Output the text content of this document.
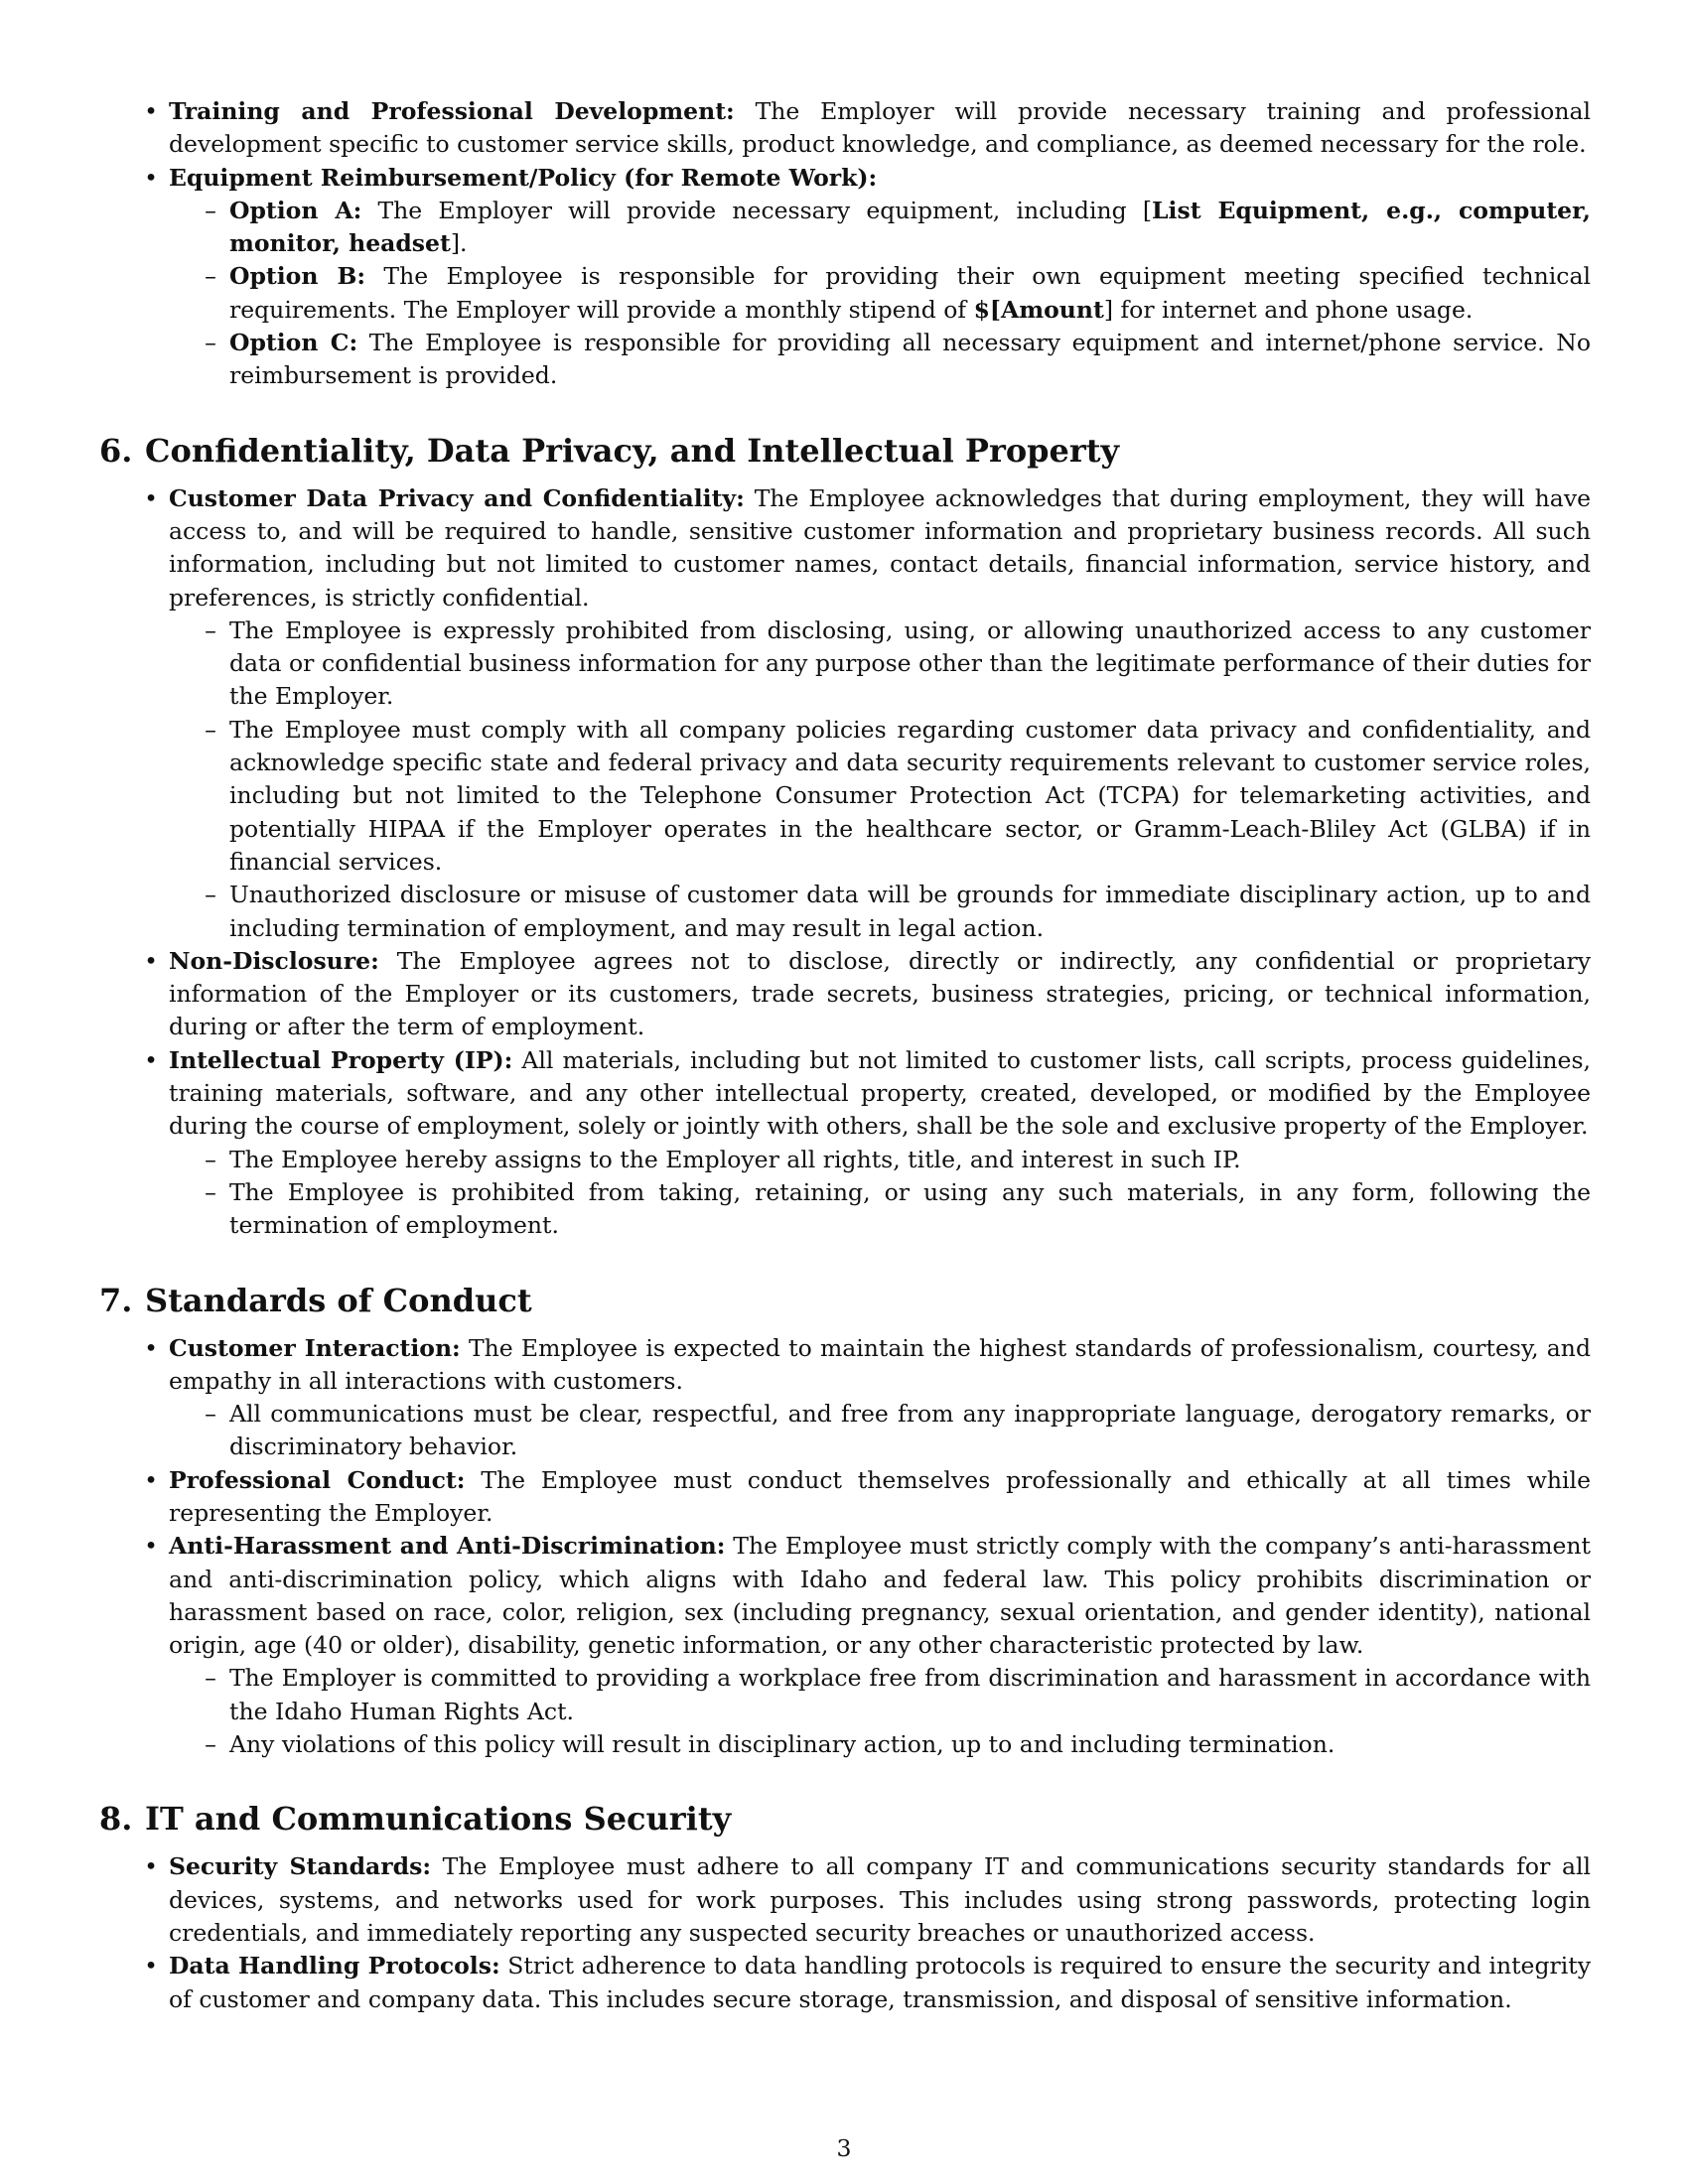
• Training and Professional Development: The Employer will provide necessary training and professional development specific to customer service skills, product knowledge, and compliance, as deemed necessary for the role.
• Equipment Reimbursement/Policy (for Remote Work):
– Option A: The Employer will provide necessary equipment, including [List Equipment, e.g., computer, monitor, headset].
– Option B: The Employee is responsible for providing their own equipment meeting specified technical requirements. The Employer will provide a monthly stipend of $[Amount] for internet and phone usage.
– Option C: The Employee is responsible for providing all necessary equipment and internet/phone service. No reimbursement is provided.
6. Confidentiality, Data Privacy, and Intellectual Property
• Customer Data Privacy and Confidentiality: The Employee acknowledges that during employment, they will have access to, and will be required to handle, sensitive customer information and proprietary business records. All such information, including but not limited to customer names, contact details, financial information, service history, and preferences, is strictly confidential.
– The Employee is expressly prohibited from disclosing, using, or allowing unauthorized access to any customer data or confidential business information for any purpose other than the legitimate performance of their duties for the Employer.
– The Employee must comply with all company policies regarding customer data privacy and confidentiality, and acknowledge specific state and federal privacy and data security requirements relevant to customer service roles, including but not limited to the Telephone Consumer Protection Act (TCPA) for telemarketing activities, and potentially HIPAA if the Employer operates in the healthcare sector, or Gramm-Leach-Bliley Act (GLBA) if in financial services.
– Unauthorized disclosure or misuse of customer data will be grounds for immediate disciplinary action, up to and including termination of employment, and may result in legal action.
• Non-Disclosure: The Employee agrees not to disclose, directly or indirectly, any confidential or proprietary information of the Employer or its customers, trade secrets, business strategies, pricing, or technical information, during or after the term of employment.
• Intellectual Property (IP): All materials, including but not limited to customer lists, call scripts, process guidelines, training materials, software, and any other intellectual property, created, developed, or modified by the Employee during the course of employment, solely or jointly with others, shall be the sole and exclusive property of the Employer.
– The Employee hereby assigns to the Employer all rights, title, and interest in such IP.
– The Employee is prohibited from taking, retaining, or using any such materials, in any form, following the termination of employment.
7. Standards of Conduct
• Customer Interaction: The Employee is expected to maintain the highest standards of professionalism, courtesy, and empathy in all interactions with customers.
– All communications must be clear, respectful, and free from any inappropriate language, derogatory remarks, or discriminatory behavior.
• Professional Conduct: The Employee must conduct themselves professionally and ethically at all times while representing the Employer.
• Anti-Harassment and Anti-Discrimination: The Employee must strictly comply with the company’s anti-harassment and anti-discrimination policy, which aligns with Idaho and federal law. This policy prohibits discrimination or harassment based on race, color, religion, sex (including pregnancy, sexual orientation, and gender identity), national origin, age (40 or older), disability, genetic information, or any other characteristic protected by law.
– The Employer is committed to providing a workplace free from discrimination and harassment in accordance with the Idaho Human Rights Act.
– Any violations of this policy will result in disciplinary action, up to and including termination.
8. IT and Communications Security
• Security Standards: The Employee must adhere to all company IT and communications security standards for all devices, systems, and networks used for work purposes. This includes using strong passwords, protecting login credentials, and immediately reporting any suspected security breaches or unauthorized access.
• Data Handling Protocols: Strict adherence to data handling protocols is required to ensure the security and integrity of customer and company data. This includes secure storage, transmission, and disposal of sensitive information.
3
